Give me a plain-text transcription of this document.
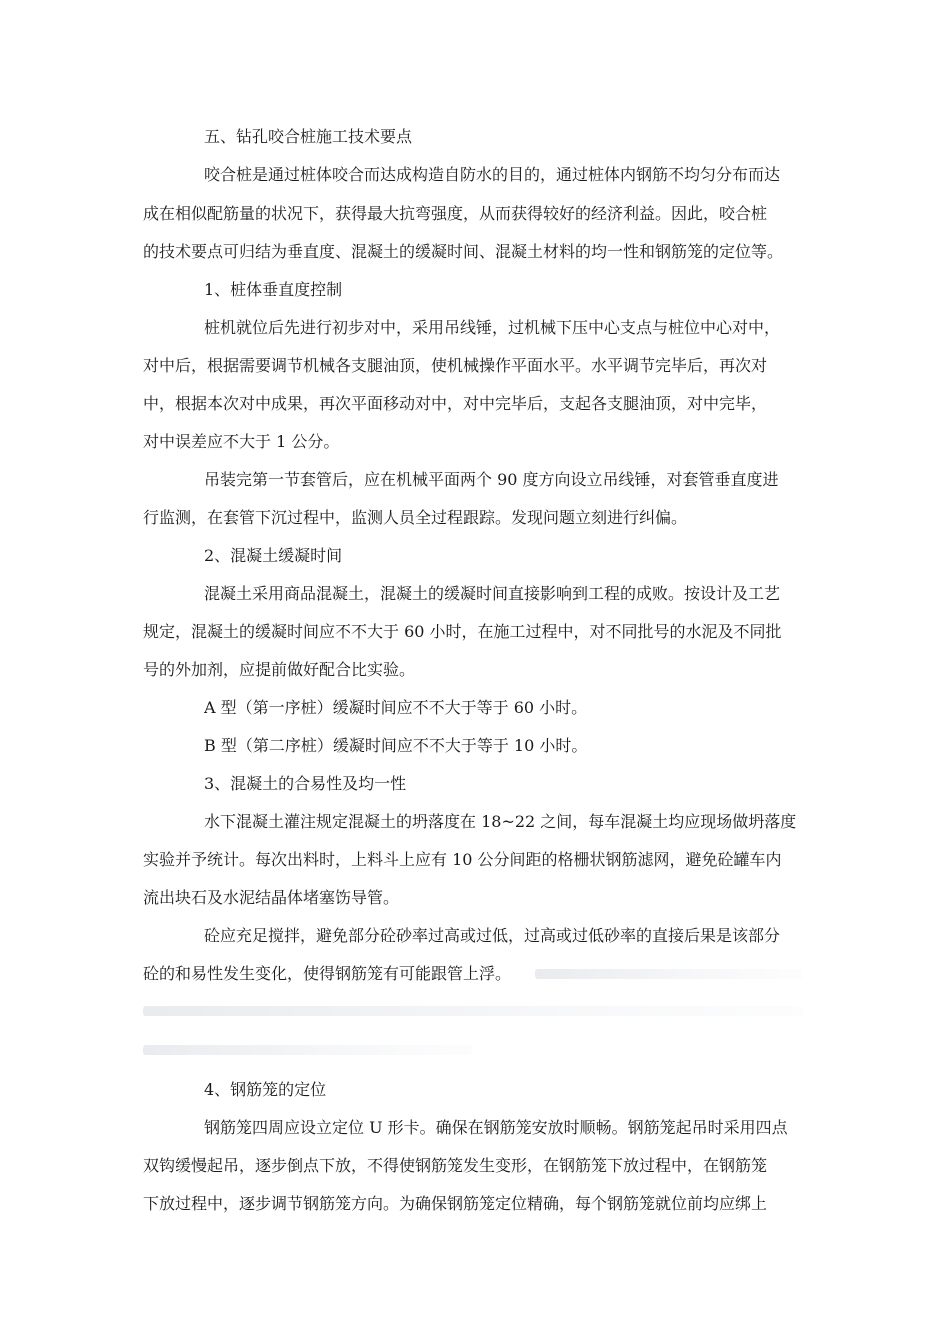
五、钻孔咬合桩施工技术要点
咬合桩是通过桩体咬合而达成构造自防水的目的，通过桩体内钢筋不均匀分布而达
成在相似配筋量的状况下，获得最大抗弯强度，从而获得较好的经济利益。因此，咬合桩
的技术要点可归结为垂直度、混凝土的缓凝时间、混凝土材料的均一性和钢筋笼的定位等。
1、桩体垂直度控制
桩机就位后先进行初步对中，采用吊线锤，过机械下压中心支点与桩位中心对中，
对中后，根据需要调节机械各支腿油顶，使机械操作平面水平。水平调节完毕后，再次对
中，根据本次对中成果，再次平面移动对中，对中完毕后，支起各支腿油顶，对中完毕，
对中误差应不大于 1 公分。
吊装完第一节套管后，应在机械平面两个 90 度方向设立吊线锤，对套管垂直度进
行监测，在套管下沉过程中，监测人员全过程跟踪。发现问题立刻进行纠偏。
2、混凝土缓凝时间
混凝土采用商品混凝土，混凝土的缓凝时间直接影响到工程的成败。按设计及工艺
规定，混凝土的缓凝时间应不不大于 60 小时，在施工过程中，对不同批号的水泥及不同批
号的外加剂，应提前做好配合比实验。
A 型（第一序桩）缓凝时间应不不大于等于 60 小时。
B 型（第二序桩）缓凝时间应不不大于等于 10 小时。
3、混凝土的合易性及均一性
水下混凝土灌注规定混凝土的坍落度在 18~22 之间，每车混凝土均应现场做坍落度
实验并予统计。每次出料时，上料斗上应有 10 公分间距的格栅状钢筋滤网，避免砼罐车内
流出块石及水泥结晶体堵塞饬导管。
砼应充足搅拌，避免部分砼砂率过高或过低，过高或过低砂率的直接后果是该部分
砼的和易性发生变化，使得钢筋笼有可能跟管上浮。
4、钢筋笼的定位
钢筋笼四周应设立定位 U 形卡。确保在钢筋笼安放时顺畅。钢筋笼起吊时采用四点
双钩缓慢起吊，逐步倒点下放，不得使钢筋笼发生变形，在钢筋笼下放过程中，在钢筋笼
下放过程中，逐步调节钢筋笼方向。为确保钢筋笼定位精确，每个钢筋笼就位前均应绑上
